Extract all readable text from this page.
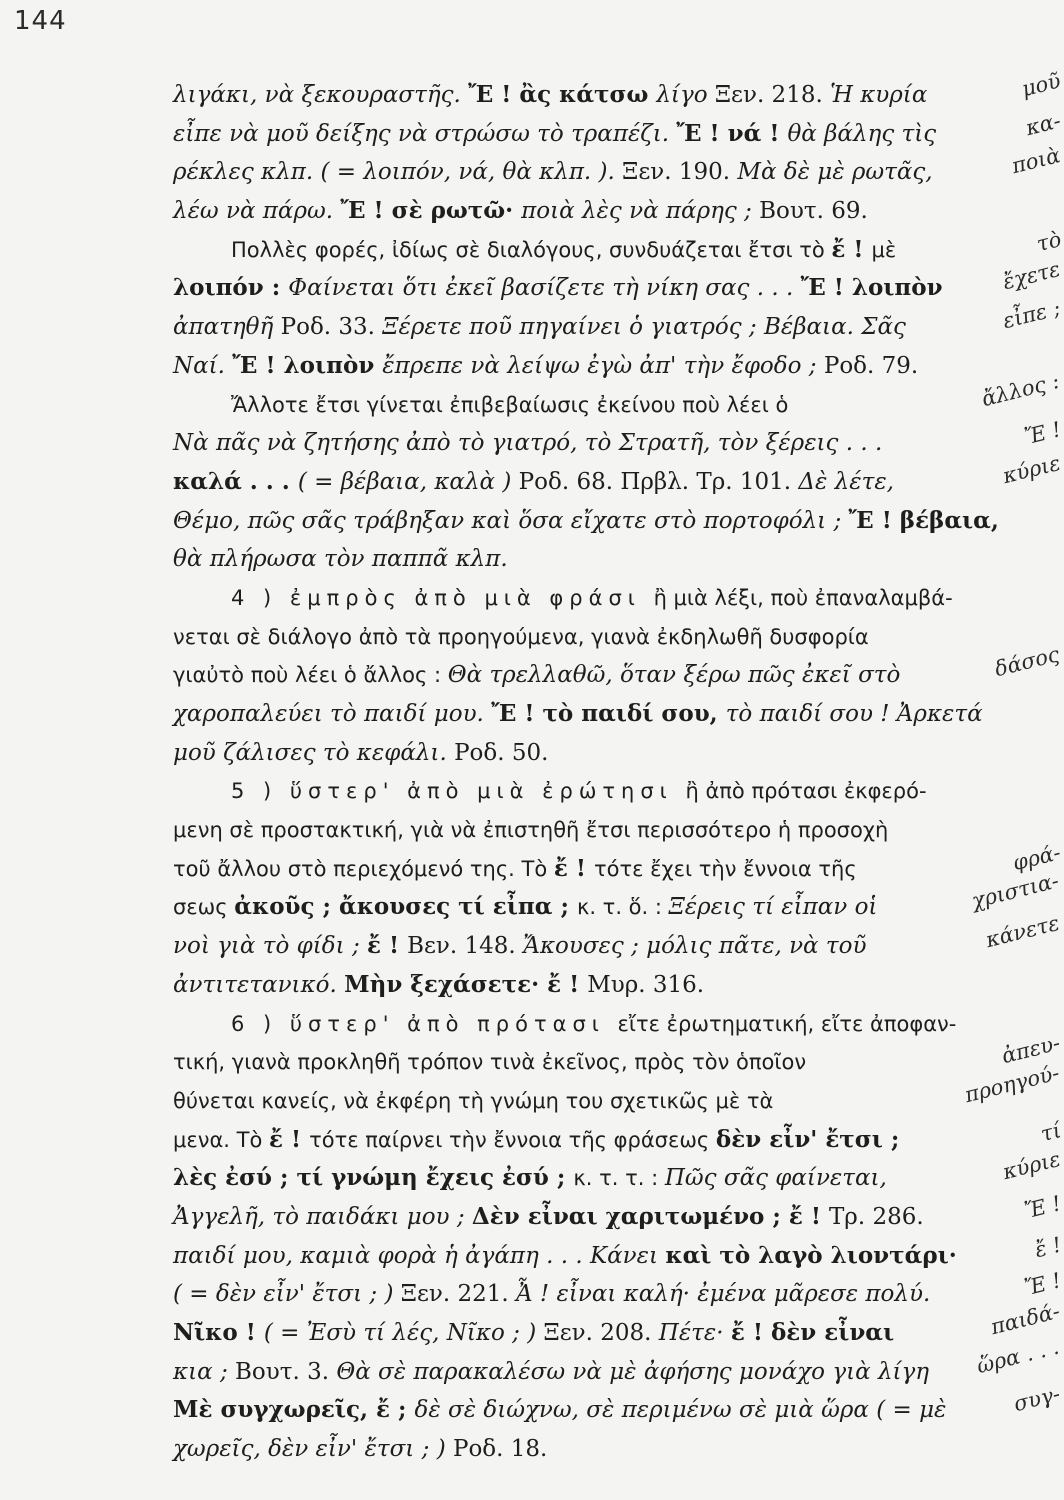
144
λιγάκι, νὰ ξεκουραστῆς. Ἔ ! ἂς κάτσω λίγο Ξεν. 218. Ἡ κυρία	μοῦ
εἶπε νὰ μοῦ δείξης νὰ στρώσω τὸ τραπέζι. Ἔ ! νά ! θὰ βάλης τὶς	κα-
ρέκλες κλπ. ( = λοιπόν, νά, θὰ κλπ. ). Ξεν. 190. Μὰ δὲ μὲ ρωτᾶς,	ποιὰ
λέω νὰ πάρω. Ἔ ! σὲ ρωτῶ· ποιὰ λὲς νὰ πάρης ; Βουτ. 69.
Πολλὲς φορές, ἰδίως σὲ διαλόγους, συνδυάζεται ἔτσι τὸ ἔ ! μὲ	τὸ
λοιπόν : Φαίνεται ὅτι ἐκεῖ βασίζετε τὴ νίκη σας . . . Ἔ ! λοιπὸν	ἔχετε
ἀπατηθῆ Ροδ. 33. Ξέρετε ποῦ πηγαίνει ὁ γιατρός ; Βέβαια. Σᾶς	εἶπε ;
Ναί. Ἔ ! λοιπὸν ἔπρεπε νὰ λείψω ἐγὼ ἀπ' τὴν ἔφοδο ; Ροδ. 79.
Ἄλλοτε ἔτσι γίνεται ἐπιβεβαίωσις ἐκείνου ποὺ λέει ὁ	ἄλλος :
Νὰ πᾶς νὰ ζητήσης ἀπὸ τὸ γιατρό, τὸ Στρατῆ, τὸν ξέρεις . . .	Ἔ !
καλά . . . ( = βέβαια, καλὰ ) Ροδ. 68. Πρβλ. Τρ. 101. Δὲ λέτε,	κύριε
Θέμο, πῶς σᾶς τράβηξαν καὶ ὅσα εἴχατε στὸ πορτοφόλι ; Ἔ ! βέβαια,
θὰ πλήρωσα τὸν παππᾶ κλπ.
4 ) ἐμπρὸς ἀπὸ μιὰ φράσι ἢ μιὰ λέξι, ποὺ ἐπαναλαμβά-
νεται σὲ διάλογο ἀπὸ τὰ προηγούμενα, γιανὰ ἐκδηλωθῆ δυσφορία
γιαὐτὸ ποὺ λέει ὁ ἄλλος : Θὰ τρελλαθῶ, ὅταν ξέρω πῶς ἐκεῖ στὸ	δάσος
χαροπαλεύει τὸ παιδί μου. Ἔ ! τὸ παιδί σου, τὸ παιδί σου ! Ἀρκετά
μοῦ ζάλισες τὸ κεφάλι. Ροδ. 50.
5 ) ὕστερ' ἀπὸ μιὰ ἐρώτησι ἢ ἀπὸ πρότασι ἐκφερό-
μενη σὲ προστακτική, γιὰ νὰ ἐπιστηθῆ ἔτσι περισσότερο ἡ προσοχὴ
τοῦ ἄλλου στὸ περιεχόμενό της. Τὸ ἔ ! τότε ἔχει τὴν ἔννοια τῆς	φρά-
σεως ἀκοῦς ; ἄκουσες τί εἶπα ; κ. τ. ὅ. : Ξέρεις τί εἶπαν οἱ	χριστια-
νοὶ γιὰ τὸ φίδι ; ἔ ! Βεν. 148. Ἄκουσες ; μόλις πᾶτε, νὰ τοῦ	κάνετε
ἀντιτετανικό. Μὴν ξεχάσετε· ἔ ! Μυρ. 316.
6 ) ὕστερ' ἀπὸ πρότασι εἴτε ἐρωτηματική, εἴτε ἀποφαν-
τική, γιανὰ προκληθῆ τρόπον τινὰ ἐκεῖνος, πρὸς τὸν ὁποῖον	ἀπευ-
θύνεται κανείς, νὰ ἐκφέρη τὴ γνώμη του σχετικῶς μὲ τὰ	προηγού-
μενα. Τὸ ἔ ! τότε παίρνει τὴν ἔννοια τῆς φράσεως δὲν εἶν' ἔτσι ;	τί
λὲς ἐσύ ; τί γνώμη ἔχεις ἐσύ ; κ. τ. τ. : Πῶς σᾶς φαίνεται,	κύριε
Ἀγγελῆ, τὸ παιδάκι μου ; Δὲν εἶναι χαριτωμένο ; ἔ ! Τρ. 286.	Ἔ !
παιδί μου, καμιὰ φορὰ ἡ ἀγάπη . . . Κάνει καὶ τὸ λαγὸ λιοντάρι·	ἔ !
( = δὲν εἶν' ἔτσι ; ) Ξεν. 221. Ἆ ! εἶναι καλή· ἐμένα μᾶρεσε πολύ.	Ἔ !
Νῖκο ! ( = Ἐσὺ τί λές, Νῖκο ; ) Ξεν. 208. Πέτε· ἔ ! δὲν εἶναι	παιδά-
κια ; Βουτ. 3. Θὰ σὲ παρακαλέσω νὰ μὲ ἀφήσης μονάχο γιὰ λίγη ὥρα . . .
Μὲ συγχωρεῖς, ἔ ; δὲ σὲ διώχνω, σὲ περιμένω σὲ μιὰ ὥρα ( = μὲ	συγ-
χωρεῖς, δὲν εἶν' ἔτσι ; ) Ροδ. 18.
